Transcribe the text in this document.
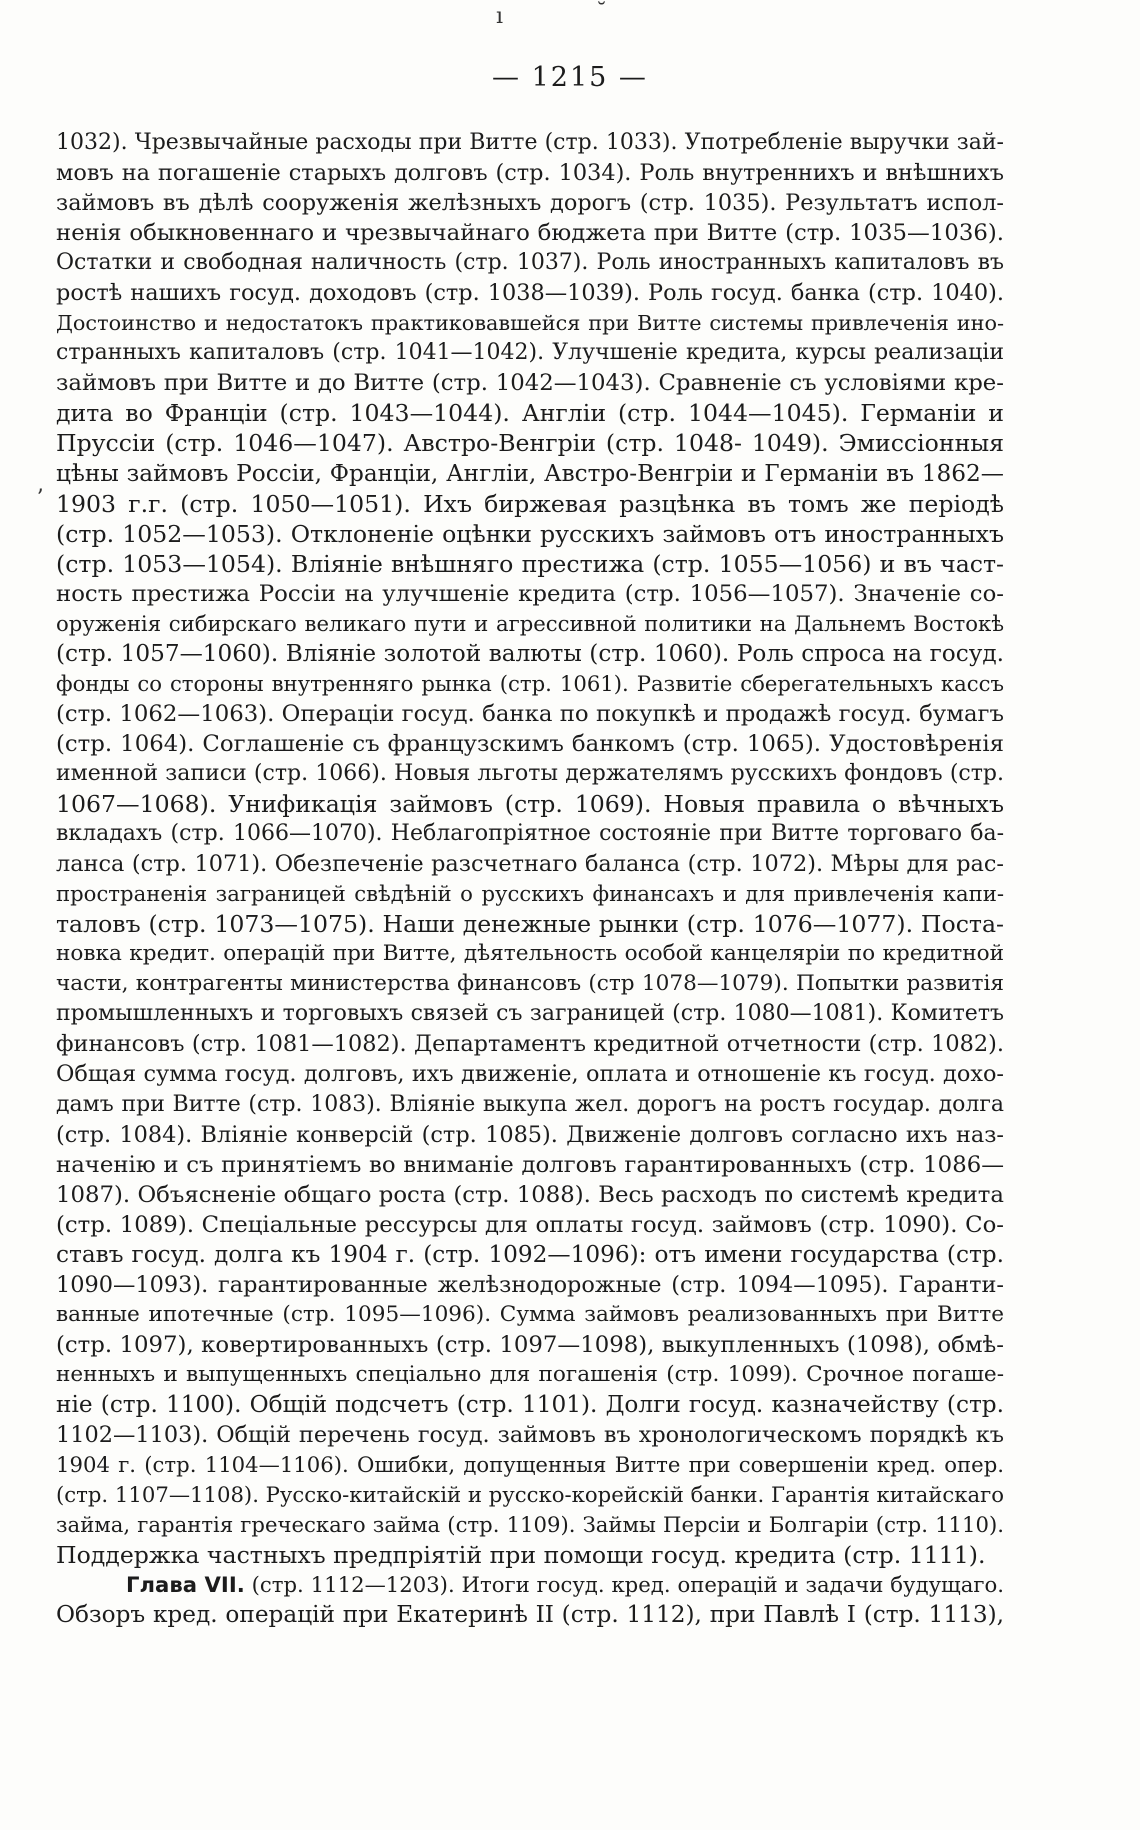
ı	˘
ʼ
— 1215 —
1032). Чрезвычайные расходы при Витте (стр. 1033). Употребленіе выручки зай-
мовъ на погашеніе старыхъ долговъ (стр. 1034). Роль внутреннихъ и внѣшнихъ
займовъ въ дѣлѣ сооруженія желѣзныхъ дорогъ (стр. 1035). Результатъ испол-
ненія обыкновеннаго и чрезвычайнаго бюджета при Витте (стр. 1035—1036).
Остатки и свободная наличность (стр. 1037). Роль иностранныхъ капиталовъ въ
ростѣ нашихъ госуд. доходовъ (стр. 1038—1039). Роль госуд. банка (стр. 1040).
Достоинство и недостатокъ практиковавшейся при Витте системы привлеченія ино-
странныхъ капиталовъ (стр. 1041—1042). Улучшеніе кредита, курсы реализаціи
займовъ при Витте и до Витте (стр. 1042—1043). Сравненіе съ условіями кре-
дита во Франціи (стр. 1043—1044). Англіи (стр. 1044—1045). Германіи и
Пруссіи (стр. 1046—1047). Австро-Венгріи (стр. 1048- 1049). Эмиссіонныя
цѣны займовъ Россіи, Франціи, Англіи, Австро-Венгріи и Германіи въ 1862—
1903 г.г. (стр. 1050—1051). Ихъ биржевая разцѣнка въ томъ же періодѣ
(стр. 1052—1053). Отклоненіе оцѣнки русскихъ займовъ отъ иностранныхъ
(стр. 1053—1054). Вліяніе внѣшняго престижа (стр. 1055—1056) и въ част-
ность престижа Россіи на улучшеніе кредита (стр. 1056—1057). Значеніе со-
оруженія сибирскаго великаго пути и агрессивной политики на Дальнемъ Востокѣ
(стр. 1057—1060). Вліяніе золотой валюты (стр. 1060). Роль спроса на госуд.
фонды со стороны внутренняго рынка (стр. 1061). Развитіе сберегательныхъ кассъ
(стр. 1062—1063). Операціи госуд. банка по покупкѣ и продажѣ госуд. бумагъ
(стр. 1064). Соглашеніе съ французскимъ банкомъ (стр. 1065). Удостовѣренія
именной записи (стр. 1066). Новыя льготы держателямъ русскихъ фондовъ (стр.
1067—1068). Унификація займовъ (стр. 1069). Новыя правила о вѣчныхъ
вкладахъ (стр. 1066—1070). Неблагопріятное состояніе при Витте торговаго ба-
ланса (стр. 1071). Обезпеченіе разсчетнаго баланса (стр. 1072). Мѣры для рас-
пространенія заграницей свѣдѣній о русскихъ финансахъ и для привлеченія капи-
таловъ (стр. 1073—1075). Наши денежные рынки (стр. 1076—1077). Поста-
новка кредит. операцій при Витте, дѣятельность особой канцеляріи по кредитной
части, контрагенты министерства финансовъ (стр 1078—1079). Попытки развитія
промышленныхъ и торговыхъ связей съ заграницей (стр. 1080—1081). Комитетъ
финансовъ (стр. 1081—1082). Департаментъ кредитной отчетности (стр. 1082).
Общая сумма госуд. долговъ, ихъ движеніе, оплата и отношеніе къ госуд. дохо-
дамъ при Витте (стр. 1083). Вліяніе выкупа жел. дорогъ на ростъ государ. долга
(стр. 1084). Вліяніе конверсій (стр. 1085). Движеніе долговъ согласно ихъ наз-
наченію и съ принятіемъ во вниманіе долговъ гарантированныхъ (стр. 1086—
1087). Объясненіе общаго роста (стр. 1088). Весь расходъ по системѣ кредита
(стр. 1089). Спеціальные рессурсы для оплаты госуд. займовъ (стр. 1090). Со-
ставъ госуд. долга къ 1904 г. (стр. 1092—1096): отъ имени государства (стр.
1090—1093). гарантированные желѣзнодорожные (стр. 1094—1095). Гаранти-
ванные ипотечные (стр. 1095—1096). Сумма займовъ реализованныхъ при Витте
(стр. 1097), ковертированныхъ (стр. 1097—1098), выкупленныхъ (1098), обмѣ-
ненныхъ и выпущенныхъ спеціально для погашенія (стр. 1099). Срочное погаше-
ніе (стр. 1100). Общій подсчетъ (стр. 1101). Долги госуд. казначейству (стр.
1102—1103). Общій перечень госуд. займовъ въ хронологическомъ порядкѣ къ
1904 г. (стр. 1104—1106). Ошибки, допущенныя Витте при совершеніи кред. опер.
(стр. 1107—1108). Русско-китайскій и русско-корейскій банки. Гарантія китайскаго
займа, гарантія греческаго займа (стр. 1109). Займы Персіи и Болгаріи (стр. 1110).
Поддержка частныхъ предпріятій при помощи госуд. кредита (стр. 1111).
Глава VII. (стр. 1112—1203). Итоги госуд. кред. операцій и задачи будущаго.
Обзоръ кред. операцій при Екатеринѣ II (стр. 1112), при Павлѣ I (стр. 1113),
